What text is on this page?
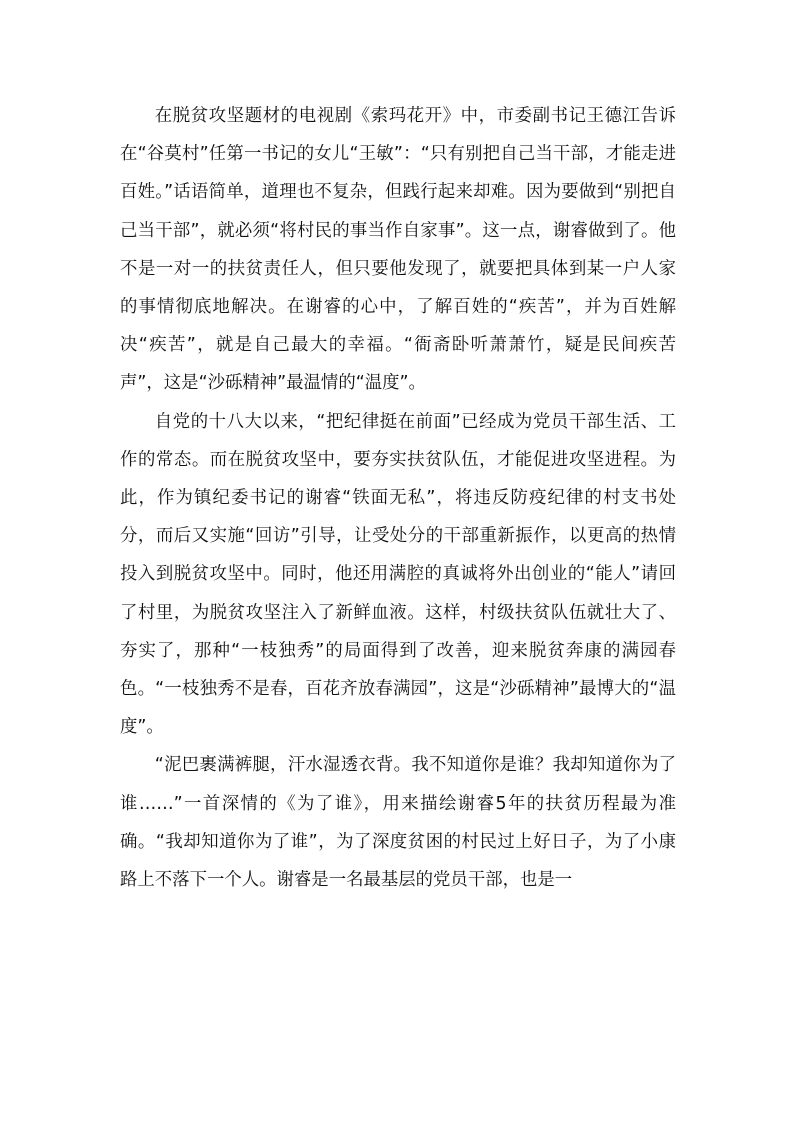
在脱贫攻坚题材的电视剧《索玛花开》中，市委副书记王德江告诉在“谷莫村”任第一书记的女儿“王敏”：“只有别把自己当干部，才能走进百姓。”话语简单，道理也不复杂，但践行起来却难。因为要做到“别把自己当干部”，就必须“将村民的事当作自家事”。这一点，谢睿做到了。他不是一对一的扶贫责任人，但只要他发现了，就要把具体到某一户人家的事情彻底地解决。在谢睿的心中，了解百姓的“疾苦”，并为百姓解决“疾苦”，就是自己最大的幸福。“衙斋卧听萧萧竹，疑是民间疾苦声”，这是“沙砾精神”最温情的“温度”。

自党的十八大以来，“把纪律挺在前面”已经成为党员干部生活、工作的常态。而在脱贫攻坚中，要夯实扶贫队伍，才能促进攻坚进程。为此，作为镇纪委书记的谢睿“铁面无私”，将违反防疫纪律的村支书处分，而后又实施“回访”引导，让受处分的干部重新振作，以更高的热情投入到脱贫攻坚中。同时，他还用满腔的真诚将外出创业的“能人”请回了村里，为脱贫攻坚注入了新鲜血液。这样，村级扶贫队伍就壮大了、夯实了，那种“一枝独秀”的局面得到了改善，迎来脱贫奔康的满园春色。“一枝独秀不是春，百花齐放春满园”，这是“沙砾精神”最博大的“温度”。

“泥巴裹满裤腿，汗水湿透衣背。我不知道你是谁？我却知道你为了谁……”一首深情的《为了谁》，用来描绘谢睿5年的扶贫历程最为准确。“我却知道你为了谁”，为了深度贫困的村民过上好日子，为了小康路上不落下一个人。谢睿是一名最基层的党员干部，也是一
